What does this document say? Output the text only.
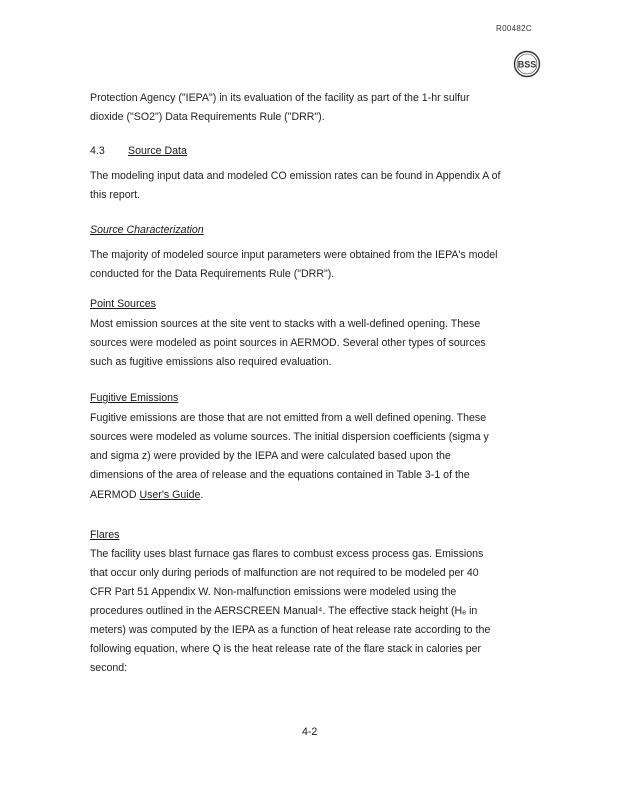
R00482C
BSS
Protection Agency ("IEPA") in its evaluation of the facility as part of the 1-hr sulfur
dioxide ("SO2") Data Requirements Rule ("DRR").
4.3 Source Data
The modeling input data and modeled CO emission rates can be found in Appendix A of
this report.
Source Characterization
The majority of modeled source input parameters were obtained from the IEPA's model
conducted for the Data Requirements Rule ("DRR").
Point Sources
Most emission sources at the site vent to stacks with a well-defined opening. These
sources were modeled as point sources in AERMOD. Several other types of sources
such as fugitive emissions also required evaluation.
Fugitive Emissions
Fugitive emissions are those that are not emitted from a well defined opening. These
sources were modeled as volume sources. The initial dispersion coefficients (sigma y
and sigma z) were provided by the IEPA and were calculated based upon the
dimensions of the area of release and the equations contained in Table 3-1 of the
AERMOD User's Guide.
Flares
The facility uses blast furnace gas flares to combust excess process gas. Emissions
that occur only during periods of malfunction are not required to be modeled per 40
CFR Part 51 Appendix W. Non-malfunction emissions were modeled using the
procedures outlined in the AERSCREEN Manual⁴. The effective stack height (Hₑ in
meters) was computed by the IEPA as a function of heat release rate according to the
following equation, where Q is the heat release rate of the flare stack in calories per
second:
4-2
